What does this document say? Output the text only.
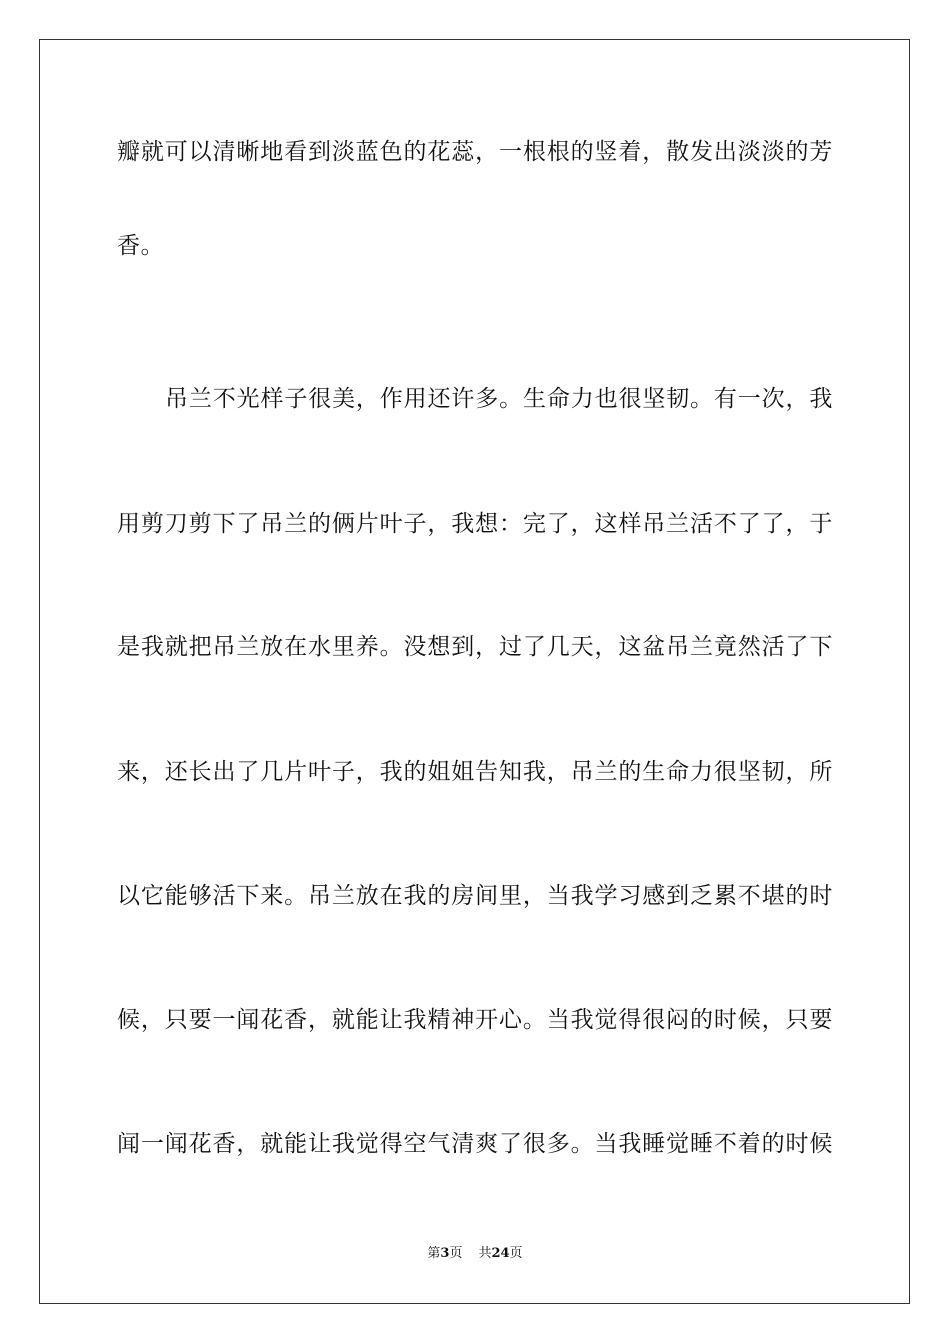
瓣就可以清晰地看到淡蓝色的花蕊，一根根的竖着，散发出淡淡的芳
香。
吊兰不光样子很美，作用还许多。生命力也很坚韧。有一次，我
用剪刀剪下了吊兰的俩片叶子，我想：完了，这样吊兰活不了了，于
是我就把吊兰放在水里养。没想到，过了几天，这盆吊兰竟然活了下
来，还长出了几片叶子，我的姐姐告知我，吊兰的生命力很坚韧，所
以它能够活下来。吊兰放在我的房间里，当我学习感到乏累不堪的时
候，只要一闻花香，就能让我精神开心。当我觉得很闷的时候，只要
闻一闻花香，就能让我觉得空气清爽了很多。当我睡觉睡不着的时候
第3页 共24页
